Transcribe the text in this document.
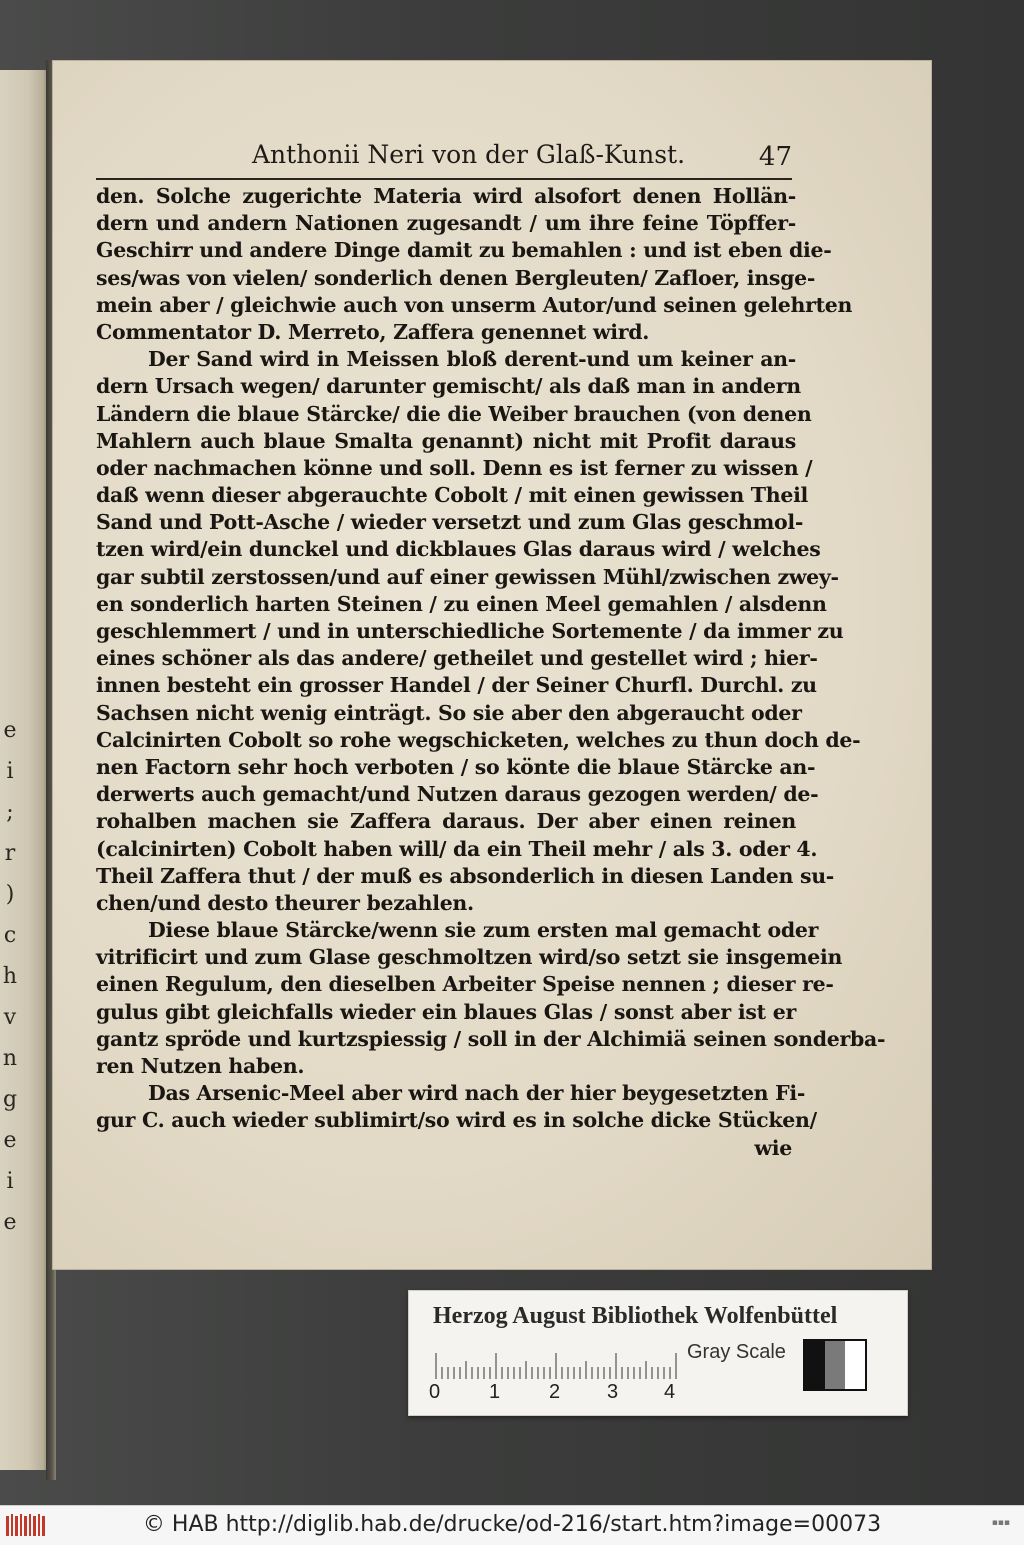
e
i
;
r
)
c
h
v
n
g
e
i
e
Anthonii Neri von der Glaß-Kunst.	47
den. Solche zugerichte Materia wird alsofort denen Hollän-
dern und andern Nationen zugesandt / um ihre feine Töpffer-
Geschirr und andere Dinge damit zu bemahlen : und ist eben die-
ses/was von vielen/ sonderlich denen Bergleuten/ Zafloer, insge-
mein aber / gleichwie auch von unserm Autor/und seinen gelehrten
Commentator D. Merreto, Zaffera genennet wird.
Der Sand wird in Meissen bloß derent-und um keiner an-
dern Ursach wegen/ darunter gemischt/ als daß man in andern
Ländern die blaue Stärcke/ die die Weiber brauchen (von denen
Mahlern auch blaue Smalta genannt) nicht mit Profit daraus
oder nachmachen könne und soll. Denn es ist ferner zu wissen /
daß wenn dieser abgerauchte Cobolt / mit einen gewissen Theil
Sand und Pott-Asche / wieder versetzt und zum Glas geschmol-
tzen wird/ein dunckel und dickblaues Glas daraus wird / welches
gar subtil zerstossen/und auf einer gewissen Mühl/zwischen zwey-
en sonderlich harten Steinen / zu einen Meel gemahlen / alsdenn
geschlemmert / und in unterschiedliche Sortemente / da immer zu
eines schöner als das andere/ getheilet und gestellet wird ; hier-
innen besteht ein grosser Handel / der Seiner Churfl. Durchl. zu
Sachsen nicht wenig einträgt. So sie aber den abgeraucht oder
Calcinirten Cobolt so rohe wegschicketen, welches zu thun doch de-
nen Factorn sehr hoch verboten / so könte die blaue Stärcke an-
derwerts auch gemacht/und Nutzen daraus gezogen werden/ de-
rohalben machen sie Zaffera daraus. Der aber einen reinen
(calcinirten) Cobolt haben will/ da ein Theil mehr / als 3. oder 4.
Theil Zaffera thut / der muß es absonderlich in diesen Landen su-
chen/und desto theurer bezahlen.
Diese blaue Stärcke/wenn sie zum ersten mal gemacht oder
vitrificirt und zum Glase geschmoltzen wird/so setzt sie insgemein
einen Regulum, den dieselben Arbeiter Speise nennen ; dieser re-
gulus gibt gleichfalls wieder ein blaues Glas / sonst aber ist er
gantz spröde und kurtzspiessig / soll in der Alchimiä seinen sonderba-
ren Nutzen haben.
Das Arsenic-Meel aber wird nach der hier beygesetzten Fi-
gur C. auch wieder sublimirt/so wird es in solche dicke Stücken/
wie
Herzog August Bibliothek Wolfenbüttel
Gray Scale
0 1 2 3 4
© HAB http://diglib.hab.de/drucke/od-216/start.htm?image=00073	▪▪▪
